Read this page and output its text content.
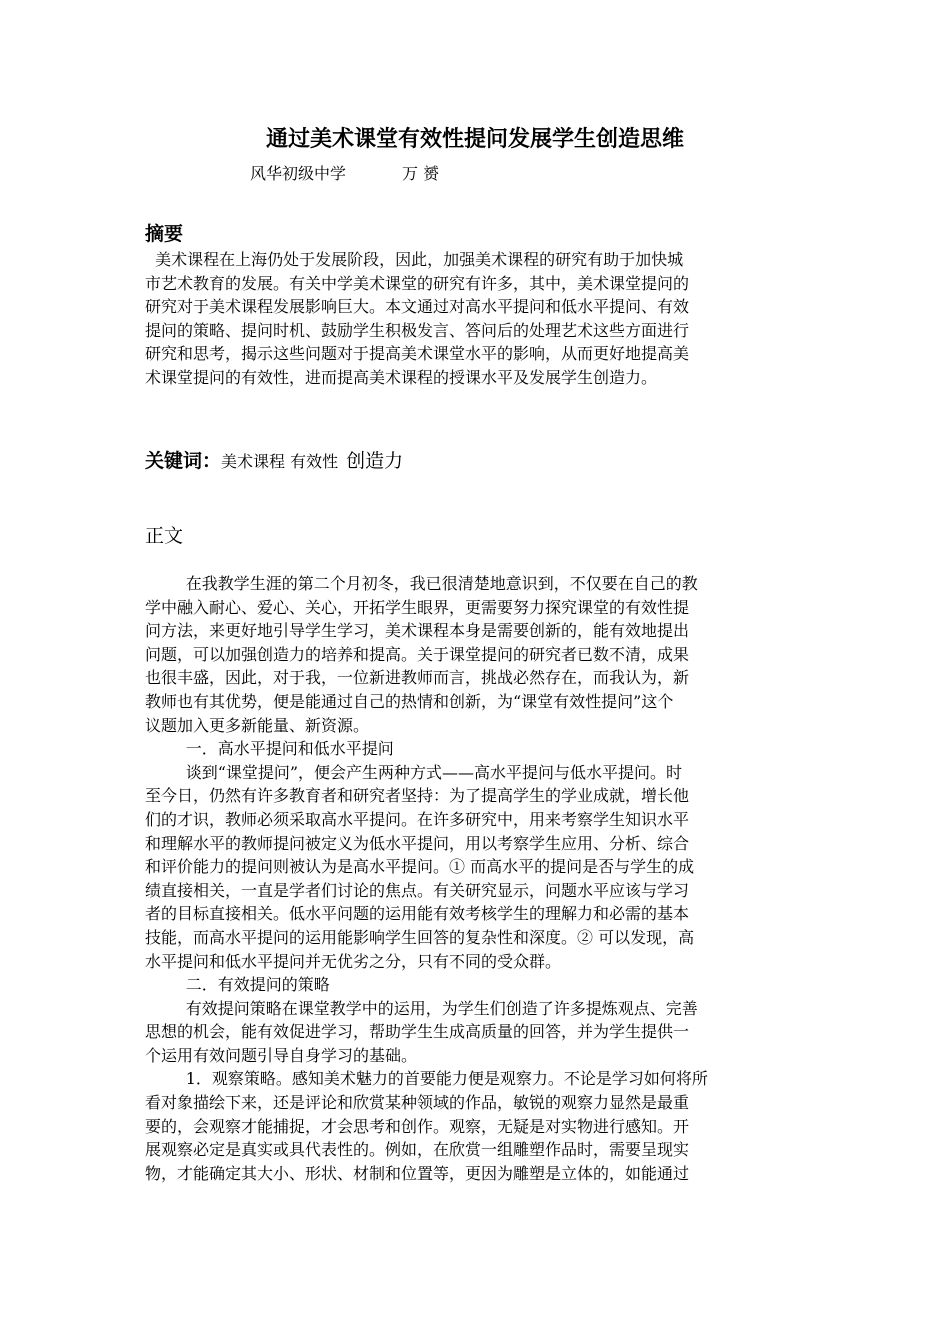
通过美术课堂有效性提问发展学生创造思维
风华初级中学	万 赟
摘要
美术课程在上海仍处于发展阶段，因此，加强美术课程的研究有助于加快城
市艺术教育的发展。有关中学美术课堂的研究有许多，其中，美术课堂提问的
研究对于美术课程发展影响巨大。本文通过对高水平提问和低水平提问、有效
提问的策略、提问时机、鼓励学生积极发言、答问后的处理艺术这些方面进行
研究和思考，揭示这些问题对于提高美术课堂水平的影响，从而更好地提高美
术课堂提问的有效性，进而提高美术课程的授课水平及发展学生创造力。
关键词：美术课程 有效性 创造力
正文
在我教学生涯的第二个月初冬，我已很清楚地意识到，不仅要在自己的教
学中融入耐心、爱心、关心，开拓学生眼界，更需要努力探究课堂的有效性提
问方法，来更好地引导学生学习，美术课程本身是需要创新的，能有效地提出
问题，可以加强创造力的培养和提高。关于课堂提问的研究者已数不清，成果
也很丰盛，因此，对于我，一位新进教师而言，挑战必然存在，而我认为，新
教师也有其优势，便是能通过自己的热情和创新，为“课堂有效性提问”这个
议题加入更多新能量、新资源。
一．高水平提问和低水平提问
谈到“课堂提问”，便会产生两种方式——高水平提问与低水平提问。时
至今日，仍然有许多教育者和研究者坚持：为了提高学生的学业成就，增长他
们的才识，教师必须采取高水平提问。在许多研究中，用来考察学生知识水平
和理解水平的教师提问被定义为低水平提问，用以考察学生应用、分析、综合
和评价能力的提问则被认为是高水平提问。① 而高水平的提问是否与学生的成
绩直接相关，一直是学者们讨论的焦点。有关研究显示，问题水平应该与学习
者的目标直接相关。低水平问题的运用能有效考核学生的理解力和必需的基本
技能，而高水平提问的运用能影响学生回答的复杂性和深度。② 可以发现，高
水平提问和低水平提问并无优劣之分，只有不同的受众群。
二．有效提问的策略
有效提问策略在课堂教学中的运用，为学生们创造了许多提炼观点、完善
思想的机会，能有效促进学习，帮助学生生成高质量的回答，并为学生提供一
个运用有效问题引导自身学习的基础。
1．观察策略。感知美术魅力的首要能力便是观察力。不论是学习如何将所
看对象描绘下来，还是评论和欣赏某种领域的作品，敏锐的观察力显然是最重
要的，会观察才能捕捉，才会思考和创作。观察，无疑是对实物进行感知。开
展观察必定是真实或具代表性的。例如，在欣赏一组雕塑作品时，需要呈现实
物，才能确定其大小、形状、材制和位置等，更因为雕塑是立体的，如能通过
